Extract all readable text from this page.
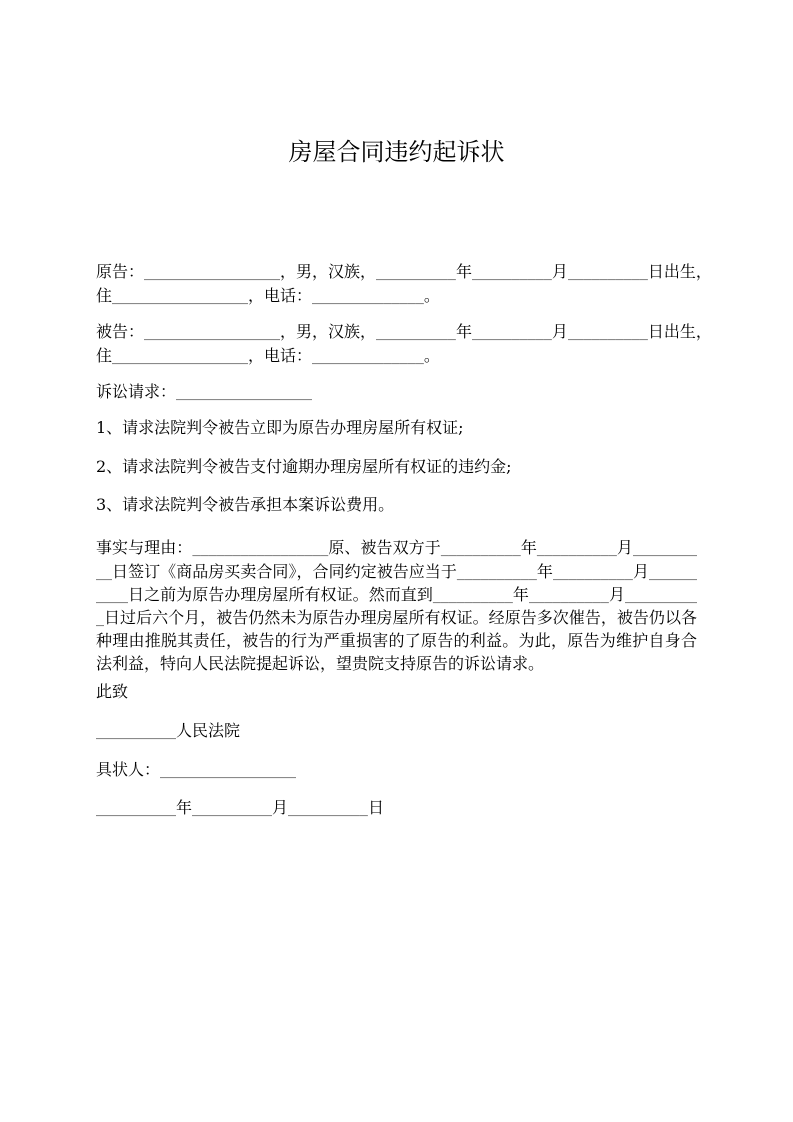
房屋合同违约起诉状
原告：_________________，男，汉族，__________年__________月__________日出生，
住_________________，电话：______________。
被告：_________________，男，汉族，__________年__________月__________日出生，
住_________________，电话：______________。
诉讼请求：_________________
1、请求法院判令被告立即为原告办理房屋所有权证;
2、请求法院判令被告支付逾期办理房屋所有权证的违约金;
3、请求法院判令被告承担本案诉讼费用。
事实与理由：_________________原、被告双方于__________年__________月________
__日签订《商品房买卖合同》，合同约定被告应当于__________年__________月______
____日之前为原告办理房屋所有权证。然而直到__________年__________月_________
_日过后六个月，被告仍然未为原告办理房屋所有权证。经原告多次催告，被告仍以各
种理由推脱其责任，被告的行为严重损害的了原告的利益。为此，原告为维护自身合
法利益，特向人民法院提起诉讼，望贵院支持原告的诉讼请求。
此致
__________人民法院
具状人：_________________
__________年__________月__________日
